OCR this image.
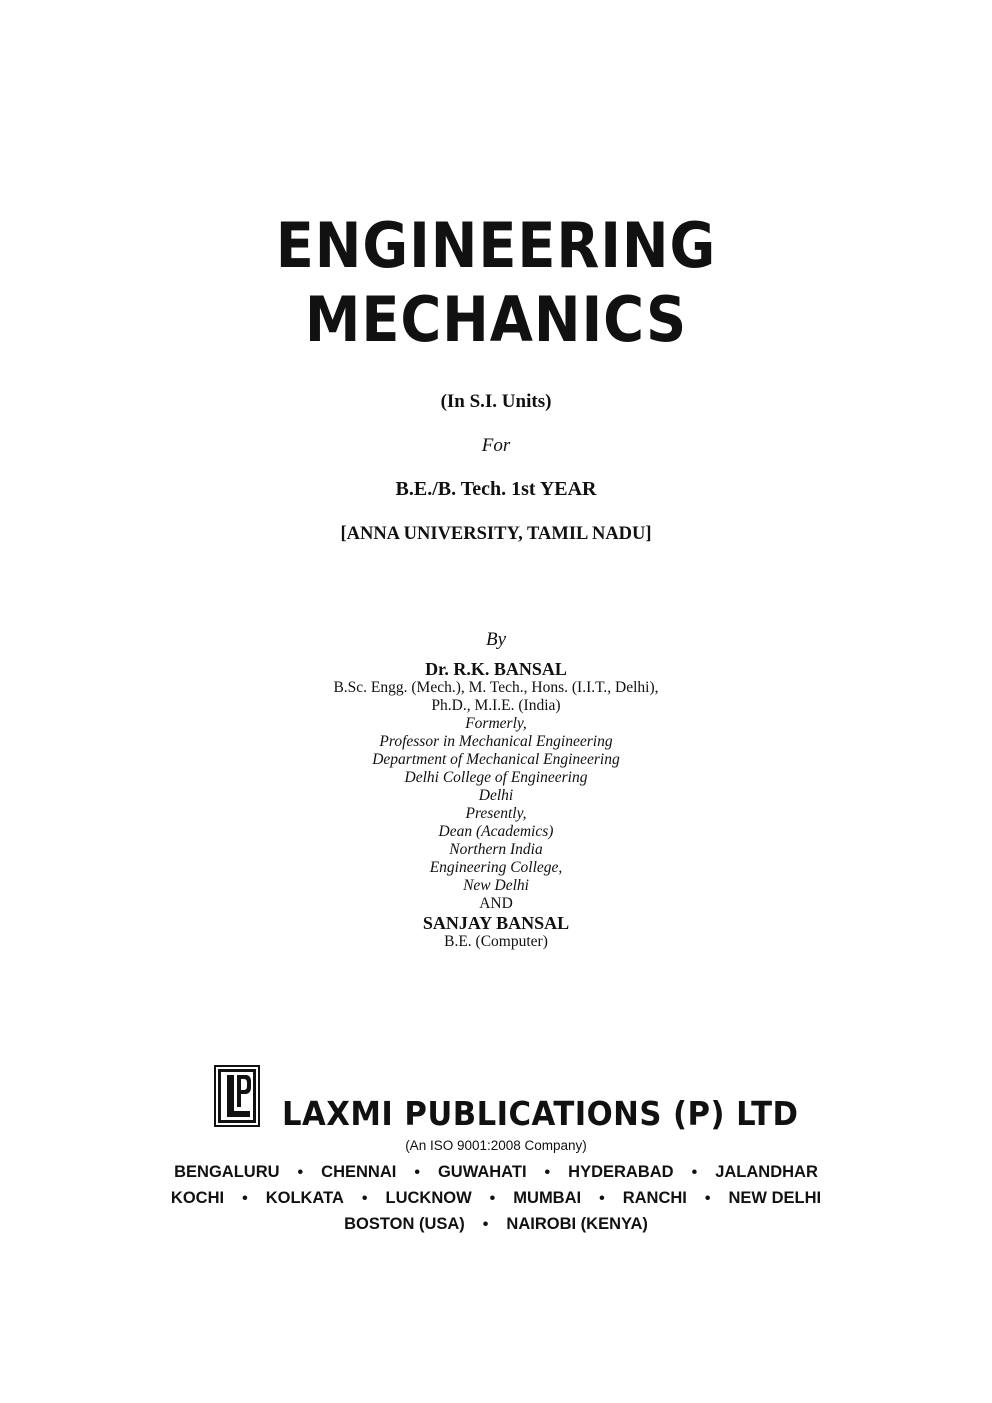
ENGINEERING
MECHANICS
(In S.I. Units)
For
B.E./B. Tech. 1st YEAR
[ANNA UNIVERSITY, TAMIL NADU]
By
Dr. R.K. BANSAL
B.Sc. Engg. (Mech.), M. Tech., Hons. (I.I.T., Delhi),
Ph.D., M.I.E. (India)
Formerly,
Professor in Mechanical Engineering
Department of Mechanical Engineering
Delhi College of Engineering
Delhi
Presently,
Dean (Academics)
Northern India
Engineering College,
New Delhi
AND
SANJAY BANSAL
B.E. (Computer)
LAXMI PUBLICATIONS (P) LTD
(An ISO 9001:2008 Company)
BENGALURU • CHENNAI • GUWAHATI • HYDERABAD • JALANDHAR
KOCHI • KOLKATA • LUCKNOW • MUMBAI • RANCHI • NEW DELHI
BOSTON (USA) • NAIROBI (KENYA)
